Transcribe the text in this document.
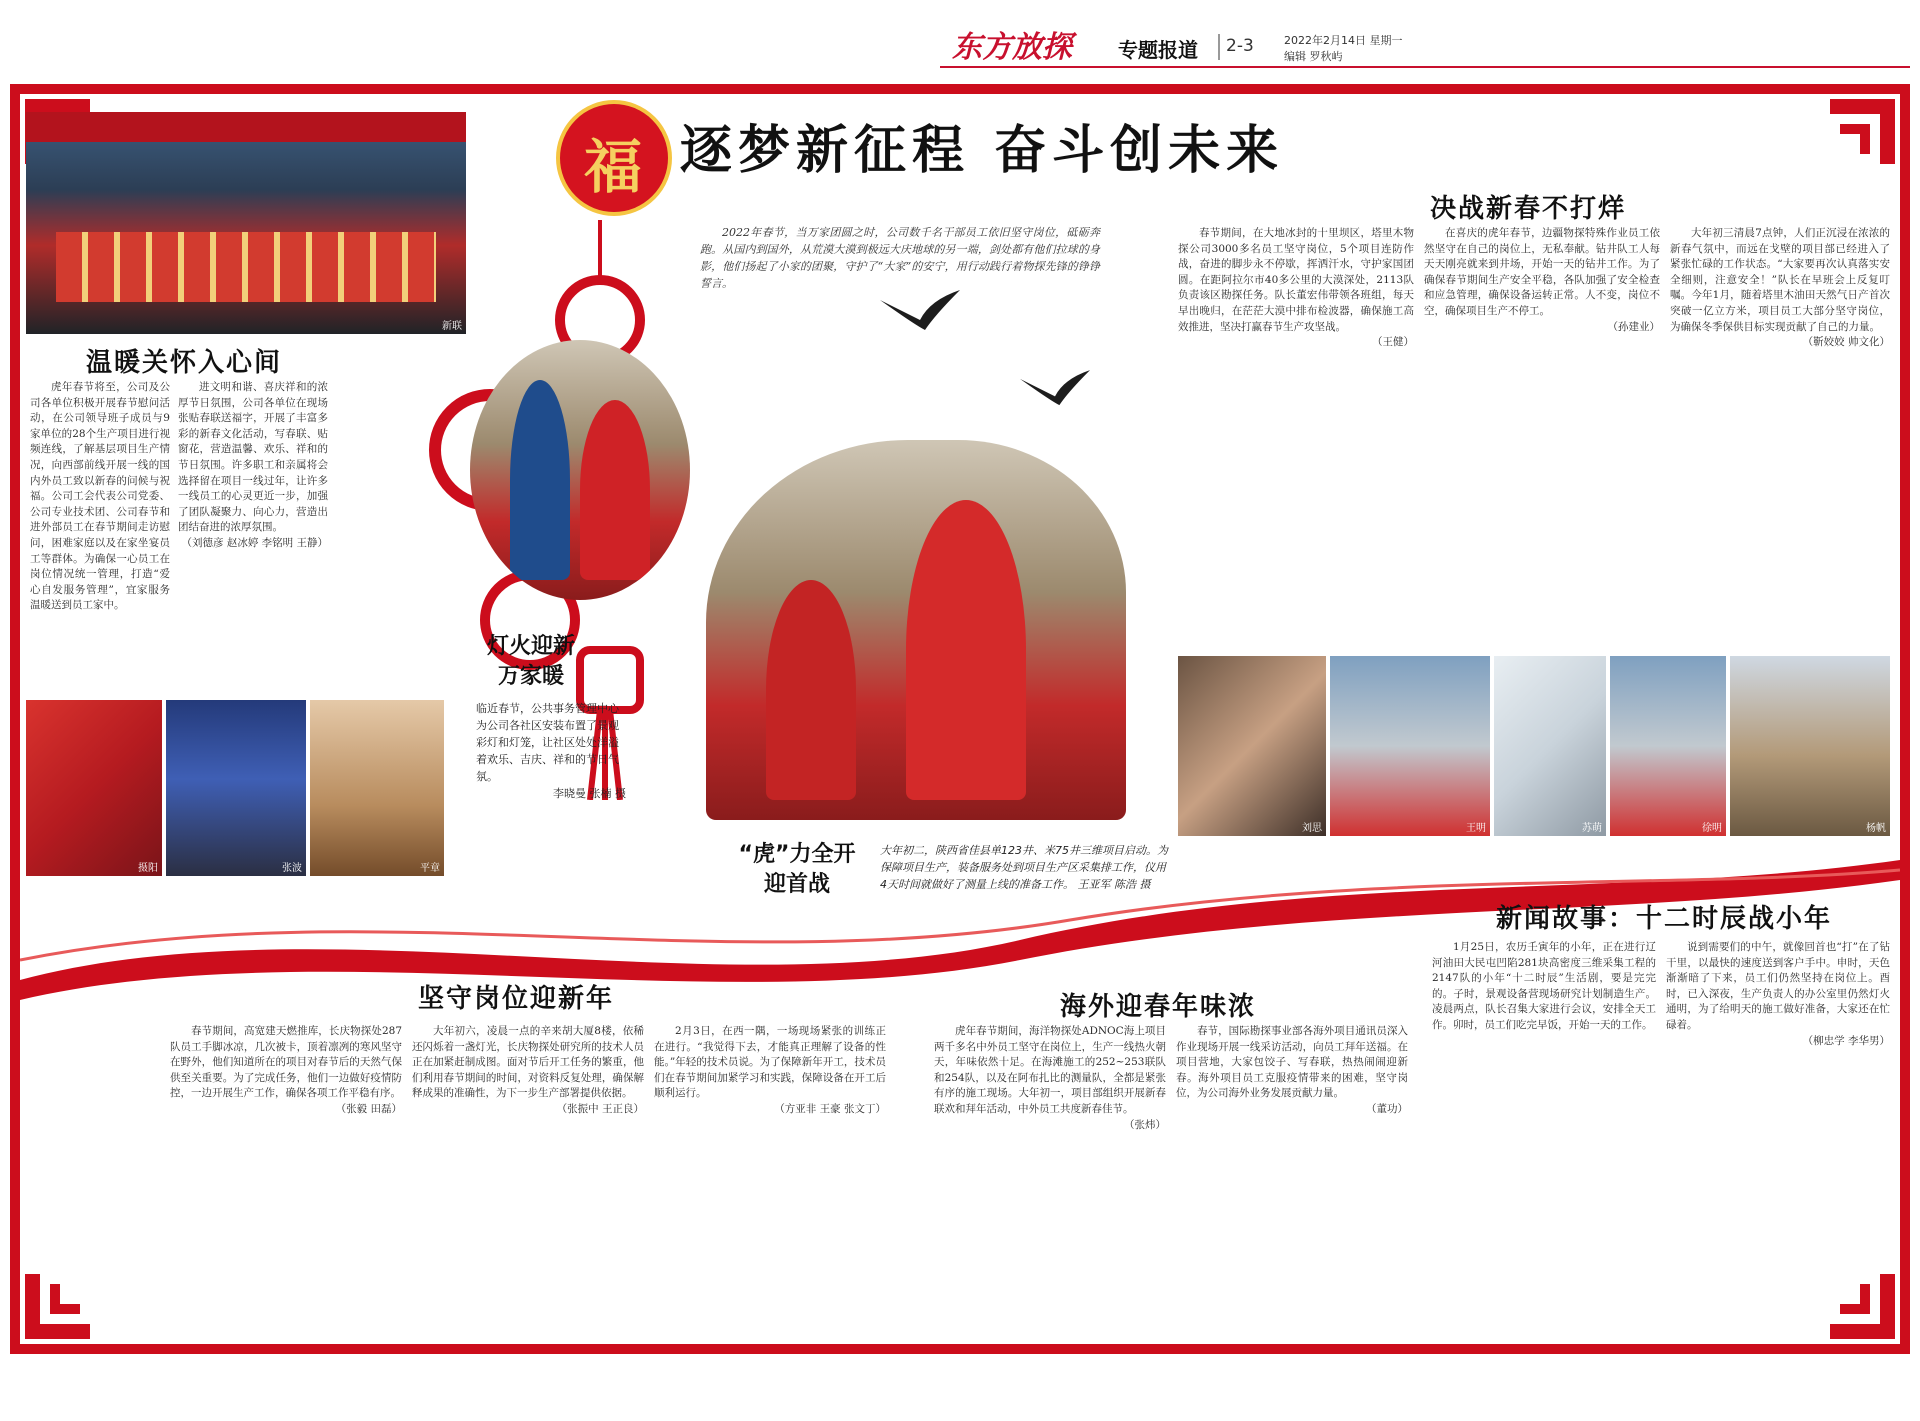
东方放探 专题报道 2-3	2022年2月14日 星期一
编辑 罗秋屿
福 逐梦新征程 奋斗创未来
2022年春节，当万家团圆之时，公司数千名干部员工依旧坚守岗位，砥砺奔跑。从国内到国外，从荒漠大漠到极远大庆地球的另一端，剑处都有他们拉球的身影，他们扬起了小家的团聚，守护了“大家”的安宁，用行动践行着物探先锋的铮铮誓言。
新联
温暖关怀入心间

虎年春节将至，公司及公司各单位积极开展春节慰问活动，在公司领导班子成员与9家单位的28个生产项目进行视频连线，了解基层项目生产情况，向西部前线开展一线的国内外员工致以新春的问候与祝福。公司工会代表公司党委、公司专业技术团、公司春节和进外部员工在春节期间走访慰问，困难家庭以及在家坐宴员工等群体。为确保一心员工在岗位情况统一管理，打造“爱心自发服务管理”，宜家服务温暖送到员工家中。

进文明和谐、喜庆祥和的浓厚节日氛围，公司各单位在现场张贴春联送福字，开展了丰富多彩的新春文化活动，写春联、贴窗花，营造温馨、欢乐、祥和的节日氛围。许多职工和亲属将会选择留在项目一线过年，让许多一线员工的心灵更近一步，加强了团队凝聚力、向心力，营造出团结奋进的浓厚氛围。

（刘德彦 赵冰婷 李铭明 王静）

摄阳	张波	平章
灯火迎新
万家暖
临近春节，公共事务管理中心为公司各社区安装布置了景观彩灯和灯笼，让社区处处洋溢着欢乐、吉庆、祥和的节日气氛。
李晓曼 张楠 摄
“虎”力全开
迎首战
大年初二，陕西省佳县单123井、米75井三维项目启动。为保障项目生产，装备服务处到项目生产区采集排工作，仪用4天时间就做好了测量上线的准备工作。 王亚军 陈浩 摄
决战新春不打烊

春节期间，在大地冰封的十里坝区，塔里木物探公司3000多名员工坚守岗位，5个项目连防作战，奋进的脚步永不停歇，挥洒汗水，守护家国团圆。在距阿拉尔市40多公里的大漠深处，2113队负责该区勘探任务。队长董宏伟带领各班组，每天早出晚归，在茫茫大漠中排布检波器，确保施工高效推进，坚决打赢春节生产攻坚战。

（王健）

在喜庆的虎年春节，边疆物探特殊作业员工依然坚守在自己的岗位上，无私奉献。钻井队工人每天天刚亮就来到井场，开始一天的钻井工作。为了确保春节期间生产安全平稳，各队加强了安全检查和应急管理，确保设备运转正常。人不变，岗位不空，确保项目生产不停工。

（孙建业）

大年初三清晨7点钟，人们正沉浸在浓浓的新春气氛中，而远在戈壁的项目部已经进入了紧张忙碌的工作状态。“大家要再次认真落实安全细则，注意安全！”队长在早班会上反复叮嘱。今年1月，随着塔里木油田天然气日产首次突破一亿立方米，项目员工大部分坚守岗位，为确保冬季保供目标实现贡献了自己的力量。

（靳姣姣 帅文化）

刘思	王明	苏萌	徐明	杨帆
坚守岗位迎新年

春节期间，高宽建天燃推库，长庆物探处287队员工手脚冰凉，几次被卡，顶着凛冽的寒风坚守在野外，他们知道所在的项目对春节后的天然气保供至关重要。为了完成任务，他们一边做好疫情防控，一边开展生产工作，确保各项工作平稳有序。

（张毅 田磊）

大年初六，凌晨一点的辛来胡大厦8楼，依稀还闪烁着一盏灯光，长庆物探处研究所的技术人员正在加紧赶制成图。面对节后开工任务的繁重，他们利用春节期间的时间，对资料反复处理，确保解释成果的准确性，为下一步生产部署提供依据。

（张振中 王正良）

2月3日，在西一隅，一场现场紧张的训练正在进行。“我觉得下去，才能真正理解了设备的性能。”年轻的技术员说。为了保障新年开工，技术员们在春节期间加紧学习和实践，保障设备在开工后顺利运行。

（方亚非 王豪 张文丁）

海外迎春年味浓

虎年春节期间，海洋物探处ADNOC海上项目两千多名中外员工坚守在岗位上，生产一线热火朝天，年味依然十足。在海滩施工的252~253联队和254队，以及在阿布扎比的测量队，全都是紧张有序的施工现场。大年初一，项目部组织开展新春联欢和拜年活动，中外员工共度新春佳节。

（张炜）

春节，国际勘探事业部各海外项目通讯员深入作业现场开展一线采访活动，向员工拜年送福。在项目营地，大家包饺子、写春联，热热闹闹迎新春。海外项目员工克服疫情带来的困难，坚守岗位，为公司海外业务发展贡献力量。

（董功）

新闻故事：十二时辰战小年

1月25日，农历壬寅年的小年，正在进行辽河油田大民屯凹陷281块高密度三维采集工程的2147队的小年“十二时辰”生活剧，要是完完的。子时，景观设备营现场研究计划制造生产。凌晨两点，队长召集大家进行会议，安排全天工作。卯时，员工们吃完早饭，开始一天的工作。

说到需要们的中午，就像回首也“打”在了钻干里，以最快的速度送到客户手中。申时，天色渐渐暗了下来，员工们仍然坚持在岗位上。酉时，已入深夜，生产负责人的办公室里仍然灯火通明，为了给明天的施工做好准备，大家还在忙碌着。

（柳忠学 李华男）
